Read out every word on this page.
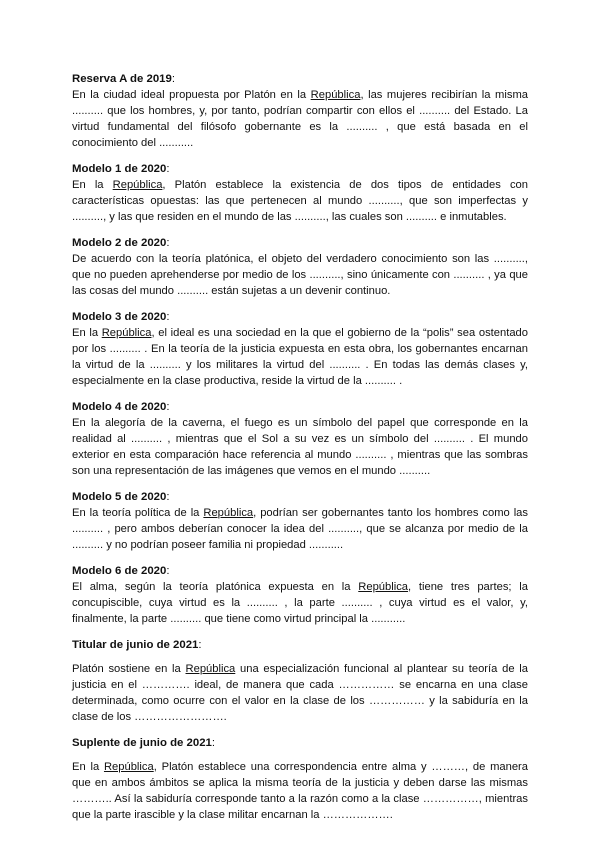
Reserva A de 2019:

En la ciudad ideal propuesta por Platón en la República, las mujeres recibirían la misma .......... que los hombres, y, por tanto, podrían compartir con ellos el .......... del Estado. La virtud fundamental del filósofo gobernante es la .......... , que está basada en el conocimiento del ...........

Modelo 1 de 2020:

En la República, Platón establece la existencia de dos tipos de entidades con características opuestas: las que pertenecen al mundo .........., que son imperfectas y .........., y las que residen en el mundo de las .........., las cuales son .......... e inmutables.

Modelo 2 de 2020:

De acuerdo con la teoría platónica, el objeto del verdadero conocimiento son las .........., que no pueden aprehenderse por medio de los .........., sino únicamente con .......... , ya que las cosas del mundo .......... están sujetas a un devenir continuo.

Modelo 3 de 2020:

En la República, el ideal es una sociedad en la que el gobierno de la “polis” sea ostentado por los .......... . En la teoría de la justicia expuesta en esta obra, los gobernantes encarnan la virtud de la .......... y los militares la virtud del .......... . En todas las demás clases y, especialmente en la clase productiva, reside la virtud de la .......... .

Modelo 4 de 2020:

En la alegoría de la caverna, el fuego es un símbolo del papel que corresponde en la realidad al .......... , mientras que el Sol a su vez es un símbolo del .......... . El mundo exterior en esta comparación hace referencia al mundo .......... , mientras que las sombras son una representación de las imágenes que vemos en el mundo ..........

Modelo 5 de 2020:

En la teoría política de la República, podrían ser gobernantes tanto los hombres como las .......... , pero ambos deberían conocer la idea del .........., que se alcanza por medio de la .......... y no podrían poseer familia ni propiedad ...........

Modelo 6 de 2020:

El alma, según la teoría platónica expuesta en la República, tiene tres partes; la concupiscible, cuya virtud es la .......... , la parte .......... , cuya virtud es el valor, y, finalmente, la parte .......... que tiene como virtud principal la ...........

Titular de junio de 2021:

Platón sostiene en la República una especialización funcional al plantear su teoría de la justicia en el …………. ideal, de manera que cada …………… se encarna en una clase determinada, como ocurre con el valor en la clase de los …………… y la sabiduría en la clase de los …………………….

Suplente de junio de 2021:

En la República, Platón establece una correspondencia entre alma y ………, de manera que en ambos ámbitos se aplica la misma teoría de la justicia y deben darse las mismas ……….. Así la sabiduría corresponde tanto a la razón como a la clase ……………, mientras que la parte irascible y la clase militar encarnan la ……………….
